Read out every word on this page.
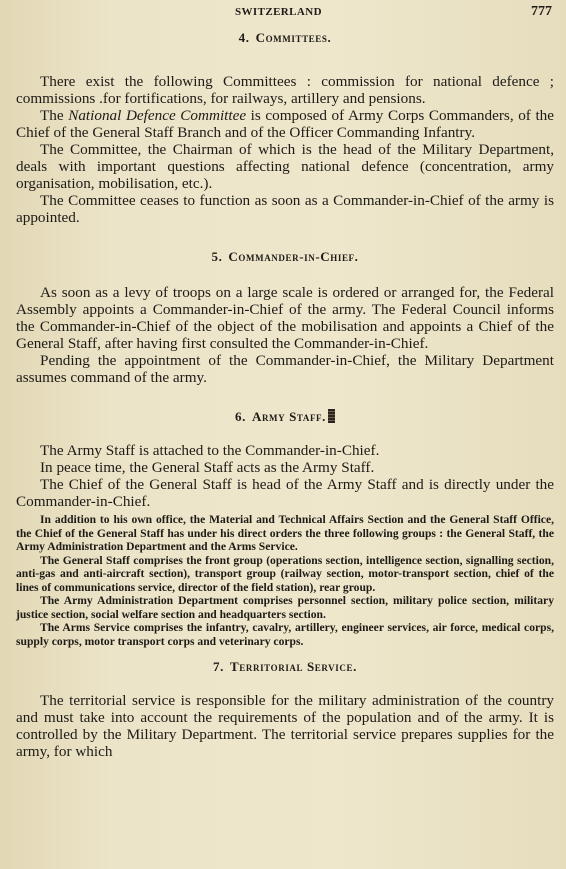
SWITZERLAND	777
4. Committees.

There exist the following Committees : commission for national defence ; commissions .for fortifications, for railways, artillery and pensions.

The National Defence Committee is composed of Army Corps Commanders, of the Chief of the General Staff Branch and of the Officer Commanding Infantry.

The Committee, the Chairman of which is the head of the Military Department, deals with important questions affecting national defence (concentration, army organisation, mobilisation, etc.).

The Committee ceases to function as soon as a Commander-in-Chief of the army is appointed.

5. Commander-in-Chief.

As soon as a levy of troops on a large scale is ordered or arranged for, the Federal Assembly appoints a Commander-in-Chief of the army. The Federal Council informs the Commander-in-Chief of the object of the mobilisation and appoints a Chief of the General Staff, after having first consulted the Commander-in-Chief.

Pending the appointment of the Commander-in-Chief, the Military Department assumes command of the army.

6. Army Staff.

The Army Staff is attached to the Commander-in-Chief.

In peace time, the General Staff acts as the Army Staff.

The Chief of the General Staff is head of the Army Staff and is directly under the Commander-in-Chief.

In addition to his own office, the Material and Technical Affairs Section and the General Staff Office, the Chief of the General Staff has under his direct orders the three following groups : the General Staff, the Army Administration Department and the Arms Service.

The General Staff comprises the front group (operations section, intelligence section, signalling section, anti-gas and anti-aircraft section), transport group (railway section, motor-transport section, chief of the lines of communications service, director of the field station), rear group.

The Army Administration Department comprises personnel section, military police section, military justice section, social welfare section and headquarters section.

The Arms Service comprises the infantry, cavalry, artillery, engineer services, air force, medical corps, supply corps, motor transport corps and veterinary corps.

7. Territorial Service.

The territorial service is responsible for the military administration of the country and must take into account the requirements of the population and of the army. It is controlled by the Military Department. The territorial service prepares supplies for the army, for which
